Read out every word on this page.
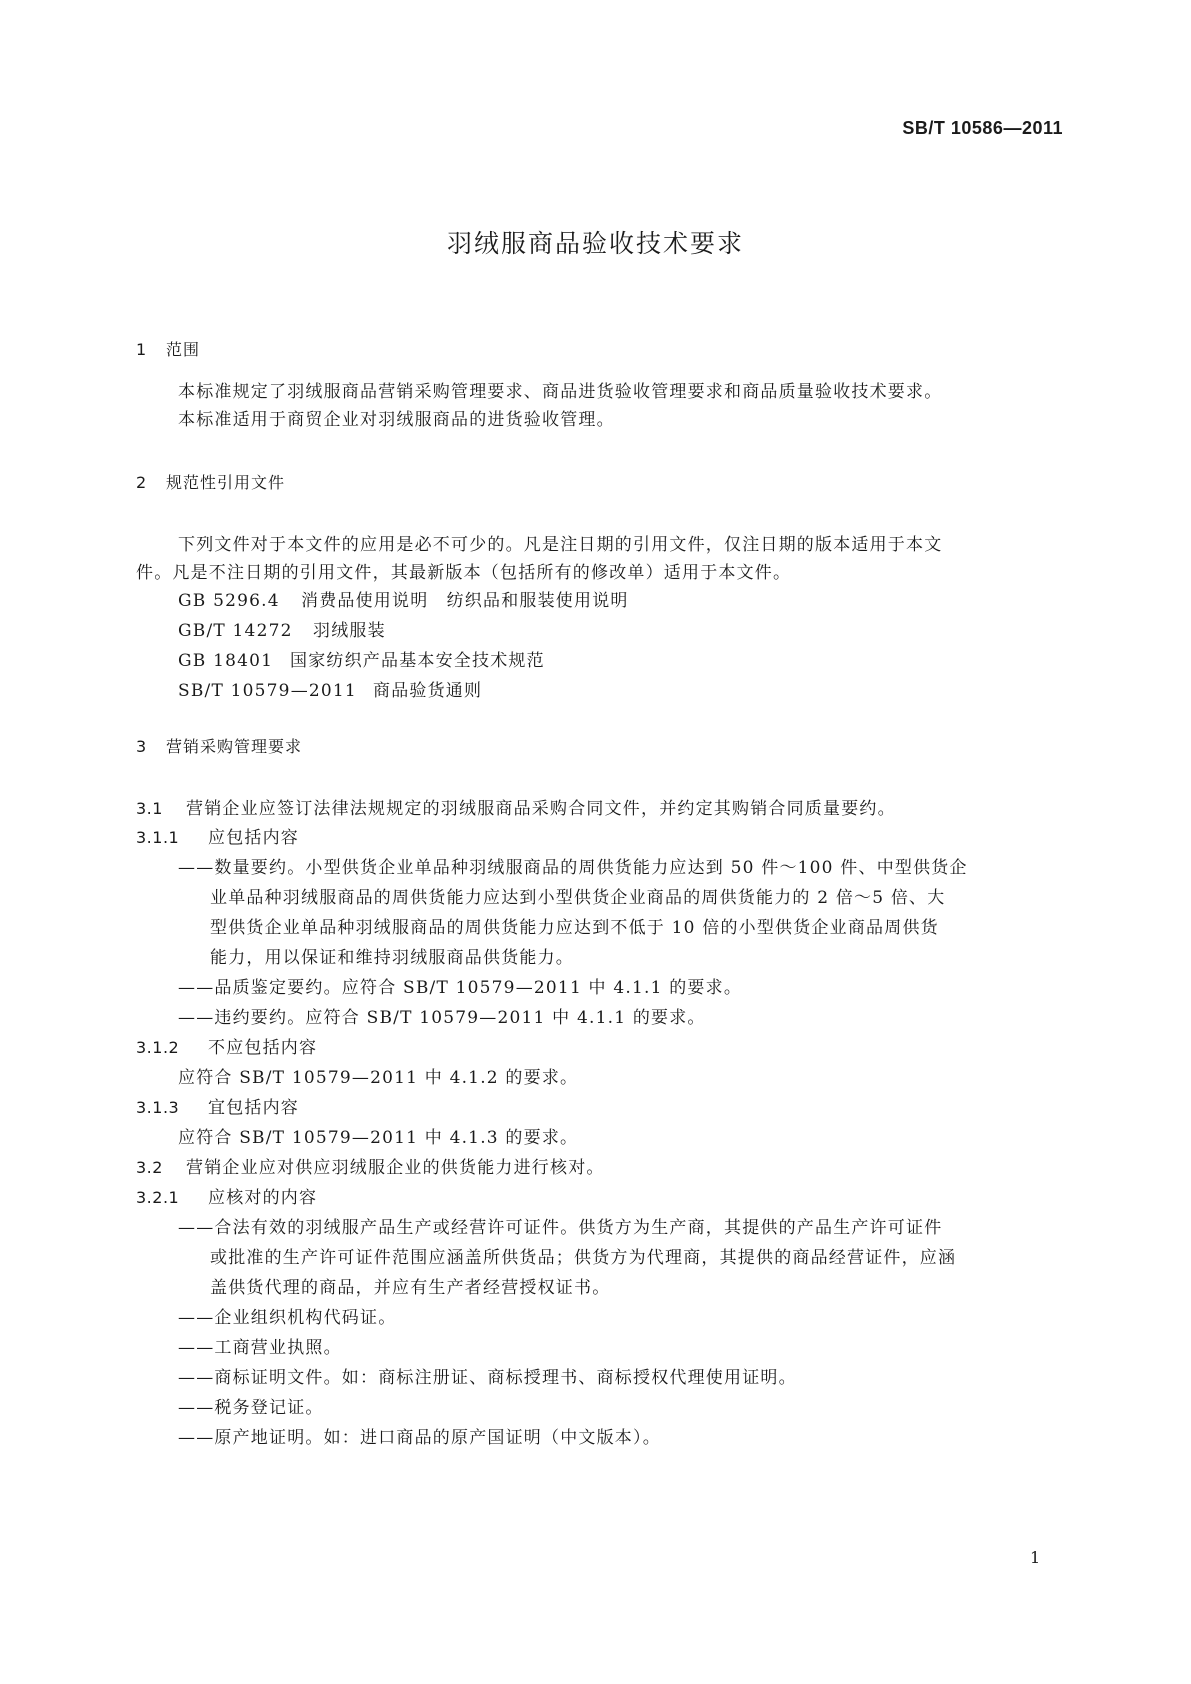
SB/T 10586—2011
羽绒服商品验收技术要求
1 范围
本标准规定了羽绒服商品营销采购管理要求、商品进货验收管理要求和商品质量验收技术要求。
本标准适用于商贸企业对羽绒服商品的进货验收管理。
2 规范性引用文件
下列文件对于本文件的应用是必不可少的。凡是注日期的引用文件，仅注日期的版本适用于本文
件。凡是不注日期的引用文件，其最新版本（包括所有的修改单）适用于本文件。
GB 5296.4 消费品使用说明　纺织品和服装使用说明
GB/T 14272 羽绒服装
GB 18401 国家纺织产品基本安全技术规范
SB/T 10579—2011 商品验货通则
3 营销采购管理要求
3.1 营销企业应签订法律法规规定的羽绒服商品采购合同文件，并约定其购销合同质量要约。
3.1.1 应包括内容
——数量要约。小型供货企业单品种羽绒服商品的周供货能力应达到 50 件～100 件、中型供货企
业单品种羽绒服商品的周供货能力应达到小型供货企业商品的周供货能力的 2 倍～5 倍、大
型供货企业单品种羽绒服商品的周供货能力应达到不低于 10 倍的小型供货企业商品周供货
能力，用以保证和维持羽绒服商品供货能力。
——品质鉴定要约。应符合 SB/T 10579—2011 中 4.1.1 的要求。
——违约要约。应符合 SB/T 10579—2011 中 4.1.1 的要求。
3.1.2 不应包括内容
应符合 SB/T 10579—2011 中 4.1.2 的要求。
3.1.3 宜包括内容
应符合 SB/T 10579—2011 中 4.1.3 的要求。
3.2 营销企业应对供应羽绒服企业的供货能力进行核对。
3.2.1 应核对的内容
——合法有效的羽绒服产品生产或经营许可证件。供货方为生产商，其提供的产品生产许可证件
或批准的生产许可证件范围应涵盖所供货品；供货方为代理商，其提供的商品经营证件，应涵
盖供货代理的商品，并应有生产者经营授权证书。
——企业组织机构代码证。
——工商营业执照。
——商标证明文件。如：商标注册证、商标授理书、商标授权代理使用证明。
——税务登记证。
——原产地证明。如：进口商品的原产国证明（中文版本）。
1
